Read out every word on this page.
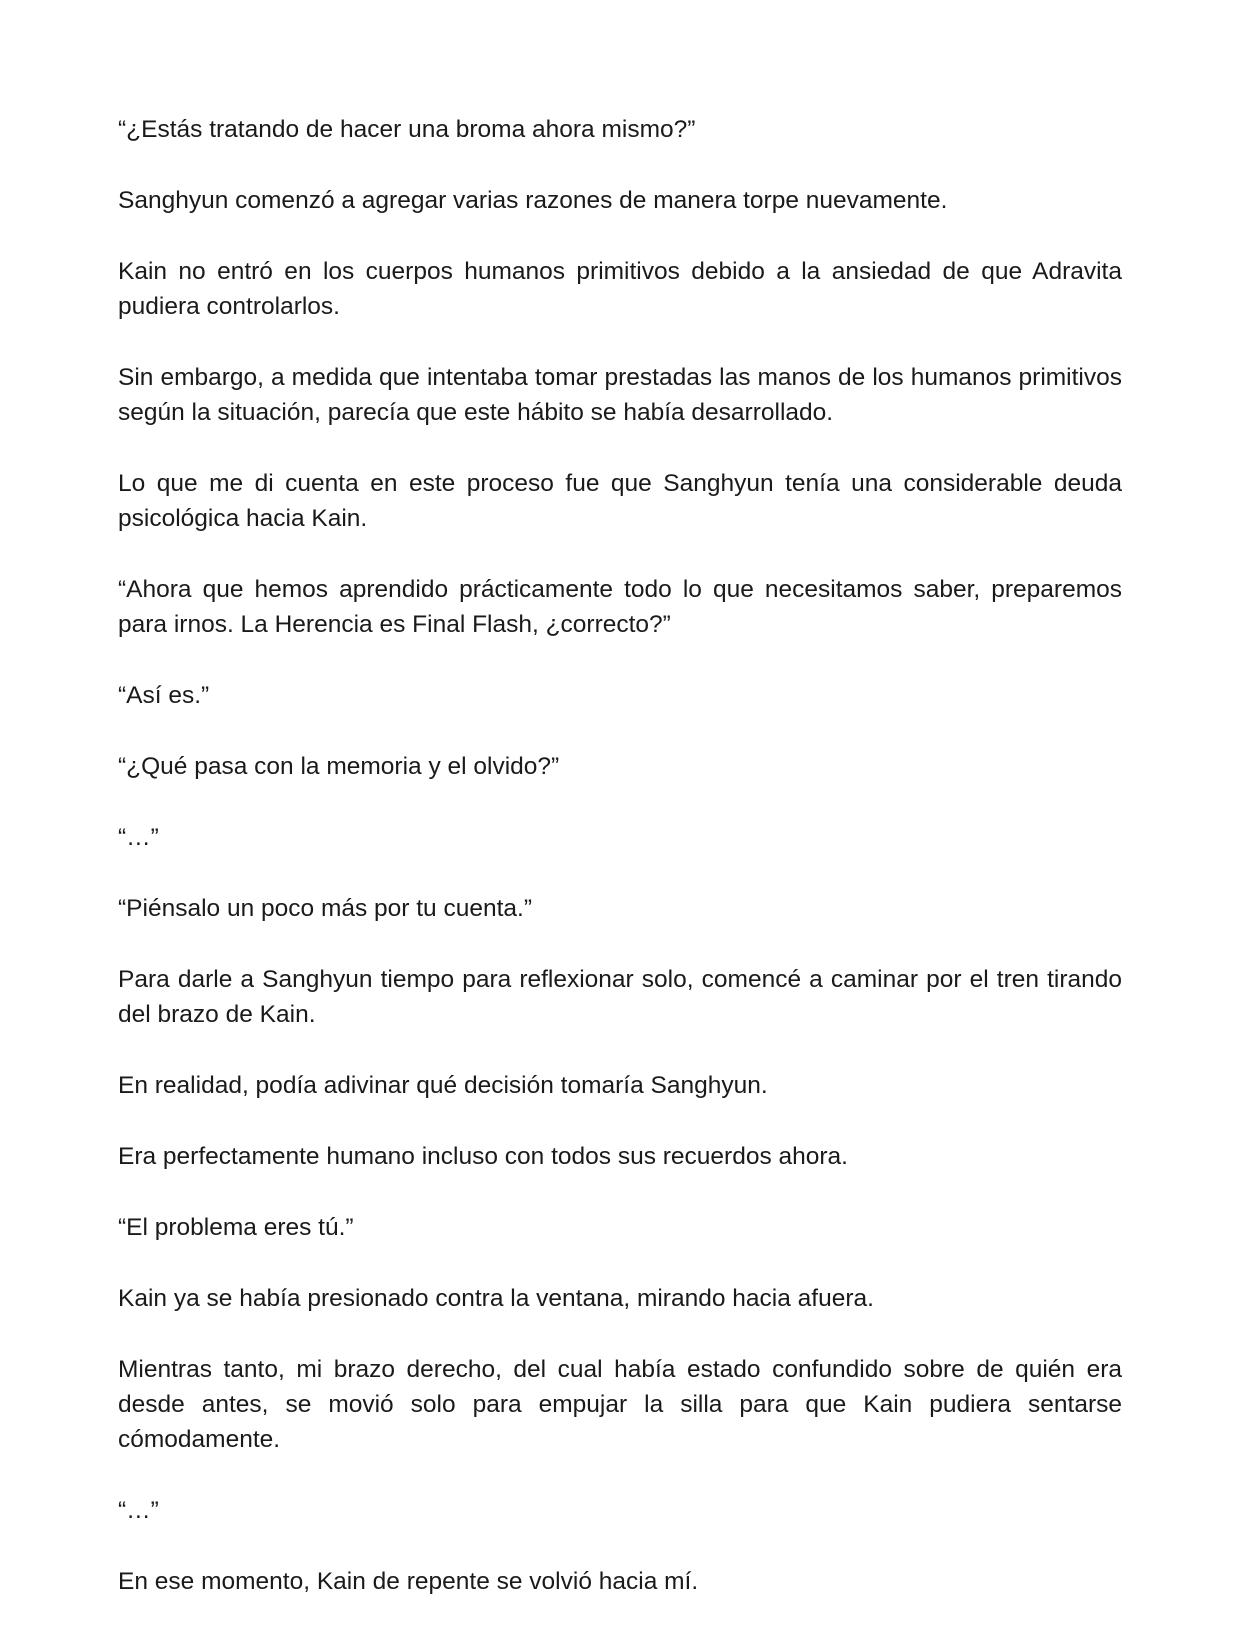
“¿Estás tratando de hacer una broma ahora mismo?”

Sanghyun comenzó a agregar varias razones de manera torpe nuevamente.

Kain no entró en los cuerpos humanos primitivos debido a la ansiedad de que Adravita pudiera controlarlos.

Sin embargo, a medida que intentaba tomar prestadas las manos de los humanos primitivos según la situación, parecía que este hábito se había desarrollado.

Lo que me di cuenta en este proceso fue que Sanghyun tenía una considerable deuda psicológica hacia Kain.

“Ahora que hemos aprendido prácticamente todo lo que necesitamos saber, preparemos para irnos. La Herencia es Final Flash, ¿correcto?”

“Así es.”

“¿Qué pasa con la memoria y el olvido?”

“…”

“Piénsalo un poco más por tu cuenta.”

Para darle a Sanghyun tiempo para reflexionar solo, comencé a caminar por el tren tirando del brazo de Kain.

En realidad, podía adivinar qué decisión tomaría Sanghyun.

Era perfectamente humano incluso con todos sus recuerdos ahora.

“El problema eres tú.”

Kain ya se había presionado contra la ventana, mirando hacia afuera.

Mientras tanto, mi brazo derecho, del cual había estado confundido sobre de quién era desde antes, se movió solo para empujar la silla para que Kain pudiera sentarse cómodamente.

“…”

En ese momento, Kain de repente se volvió hacia mí.
